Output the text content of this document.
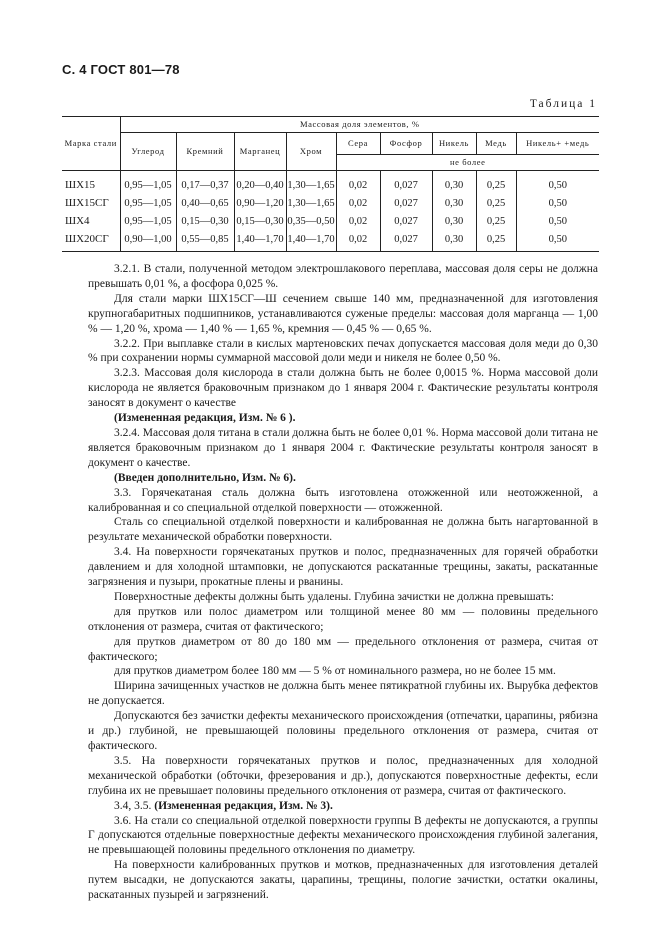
С. 4 ГОСТ 801—78
Таблица 1
Марка стали	Массовая доля элементов, %								
	Углерод	Кремний	Марганец	Хром	Сера	Фосфор	Никель	Медь	Никель+ +медь
					не более				
ШХ15	0,95—1,05	0,17—0,37	0,20—0,40	1,30—1,65	0,02	0,027	0,30	0,25	0,50
ШХ15СГ	0,95—1,05	0,40—0,65	0,90—1,20	1,30—1,65	0,02	0,027	0,30	0,25	0,50
ШХ4	0,95—1,05	0,15—0,30	0,15—0,30	0,35—0,50	0,02	0,027	0,30	0,25	0,50
ШХ20СГ	0,90—1,00	0,55—0,85	1,40—1,70	1,40—1,70	0,02	0,027	0,30	0,25	0,50

3.2.1. В стали, полученной методом электрошлакового переплава, массовая доля серы не должна превышать 0,01 %, а фосфора 0,025 %.

Для стали марки ШХ15СГ—Ш сечением свыше 140 мм, предназначенной для изготовления крупногабаритных подшипников, устанавливаются суженые пределы: массовая доля марганца — 1,00 % — 1,20 %, хрома — 1,40 % — 1,65 %, кремния — 0,45 % — 0,65 %.

3.2.2. При выплавке стали в кислых мартеновских печах допускается массовая доля меди до 0,30 % при сохранении нормы суммарной массовой доли меди и никеля не более 0,50 %.

3.2.3. Массовая доля кислорода в стали должна быть не более 0,0015 %. Норма массовой доли кислорода не является браковочным признаком до 1 января 2004 г. Фактические результаты контроля заносят в документ о качестве

(Измененная редакция, Изм. № 6 ).

3.2.4. Массовая доля титана в стали должна быть не более 0,01 %. Норма массовой доли титана не является браковочным признаком до 1 января 2004 г. Фактические результаты контроля заносят в документ о качестве.

(Введен дополнительно, Изм. № 6).

3.3. Горячекатаная сталь должна быть изготовлена отожженной или неотожженной, а калиброванная и со специальной отделкой поверхности — отожженной.

Сталь со специальной отделкой поверхности и калиброванная не должна быть нагартованной в результате механической обработки поверхности.

3.4. На поверхности горячекатаных прутков и полос, предназначенных для горячей обработки давлением и для холодной штамповки, не допускаются раскатанные трещины, закаты, раскатанные загрязнения и пузыри, прокатные плены и рванины.

Поверхностные дефекты должны быть удалены. Глубина зачистки не должна превышать:

для прутков или полос диаметром или толщиной менее 80 мм — половины предельного отклонения от размера, считая от фактического;

для прутков диаметром от 80 до 180 мм — предельного отклонения от размера, считая от фактического;

для прутков диаметром более 180 мм — 5 % от номинального размера, но не более 15 мм.

Ширина зачищенных участков не должна быть менее пятикратной глубины их. Вырубка дефектов не допускается.

Допускаются без зачистки дефекты механического происхождения (отпечатки, царапины, рябизна и др.) глубиной, не превышающей половины предельного отклонения от размера, считая от фактического.

3.5. На поверхности горячекатаных прутков и полос, предназначенных для холодной механической обработки (обточки, фрезерования и др.), допускаются поверхностные дефекты, если глубина их не превышает половины предельного отклонения от размера, считая от фактического.

3.4, 3.5. (Измененная редакция, Изм. № 3).

3.6. На стали со специальной отделкой поверхности группы В дефекты не допускаются, а группы Г допускаются отдельные поверхностные дефекты механического происхождения глубиной залегания, не превышающей половины предельного отклонения по диаметру.

На поверхности калиброванных прутков и мотков, предназначенных для изготовления деталей путем высадки, не допускаются закаты, царапины, трещины, пологие зачистки, остатки окалины, раскатанных пузырей и загрязнений.
